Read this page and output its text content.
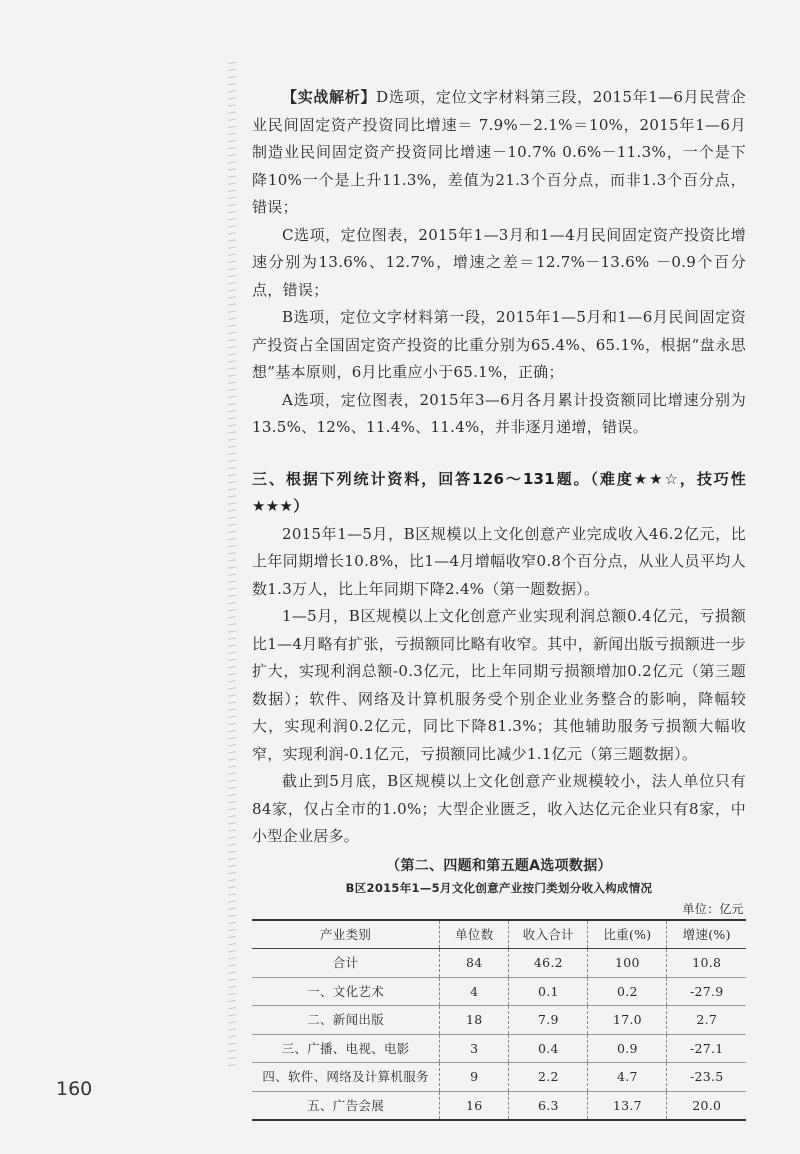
【实战解析】D选项，定位文字材料第三段，2015年1—6月民营企业民间固定资产投资同比增速＝ 7.9%－2.1%＝10%，2015年1—6月制造业民间固定资产投资同比增速－10.7% 0.6%－11.3%，一个是下降10%一个是上升11.3%，差值为21.3个百分点，而非1.3个百分点，错误；

C选项，定位图表，2015年1—3月和1—4月民间固定资产投资比增速分别为13.6%、12.7%，增速之差＝12.7%－13.6% －0.9个百分点，错误；

B选项，定位文字材料第一段，2015年1—5月和1—6月民间固定资产投资占全国固定资产投资的比重分别为65.4%、65.1%，根据“盘永思想”基本原则，6月比重应小于65.1%，正确；

A选项，定位图表，2015年3—6月各月累计投资额同比增速分别为13.5%、12%、11.4%、11.4%，并非逐月递增，错误。

三、根据下列统计资料，回答126～131题。（难度★★☆，技巧性★★★）

2015年1—5月，B区规模以上文化创意产业完成收入46.2亿元，比上年同期增长10.8%，比1—4月增幅收窄0.8个百分点，从业人员平均人数1.3万人，比上年同期下降2.4%（第一题数据）。

1—5月，B区规模以上文化创意产业实现利润总额0.4亿元，亏损额比1—4月略有扩张，亏损额同比略有收窄。其中，新闻出版亏损额进一步扩大，实现利润总额-0.3亿元，比上年同期亏损额增加0.2亿元（第三题数据）；软件、网络及计算机服务受个别企业业务整合的影响，降幅较大，实现利润0.2亿元，同比下降81.3%；其他辅助服务亏损额大幅收窄，实现利润-0.1亿元，亏损额同比减少1.1亿元（第三题数据）。

截止到5月底，B区规模以上文化创意产业规模较小，法人单位只有84家，仅占全市的1.0%；大型企业匮乏，收入达亿元企业只有8家，中小型企业居多。

（第二、四题和第五题A选项数据）
B区2015年1—5月文化创意产业按门类划分收入构成情况
单位：亿元
产业类别	单位数	收入合计	比重(%)	增速(%)
合计	84	46.2	100	10.8
一、文化艺术	4	0.1	0.2	-27.9
二、新闻出版	18	7.9	17.0	2.7
三、广播、电视、电影	3	0.4	0.9	-27.1
四、软件、网络及计算机服务	9	2.2	4.7	-23.5
五、广告会展	16	6.3	13.7	20.0
160
